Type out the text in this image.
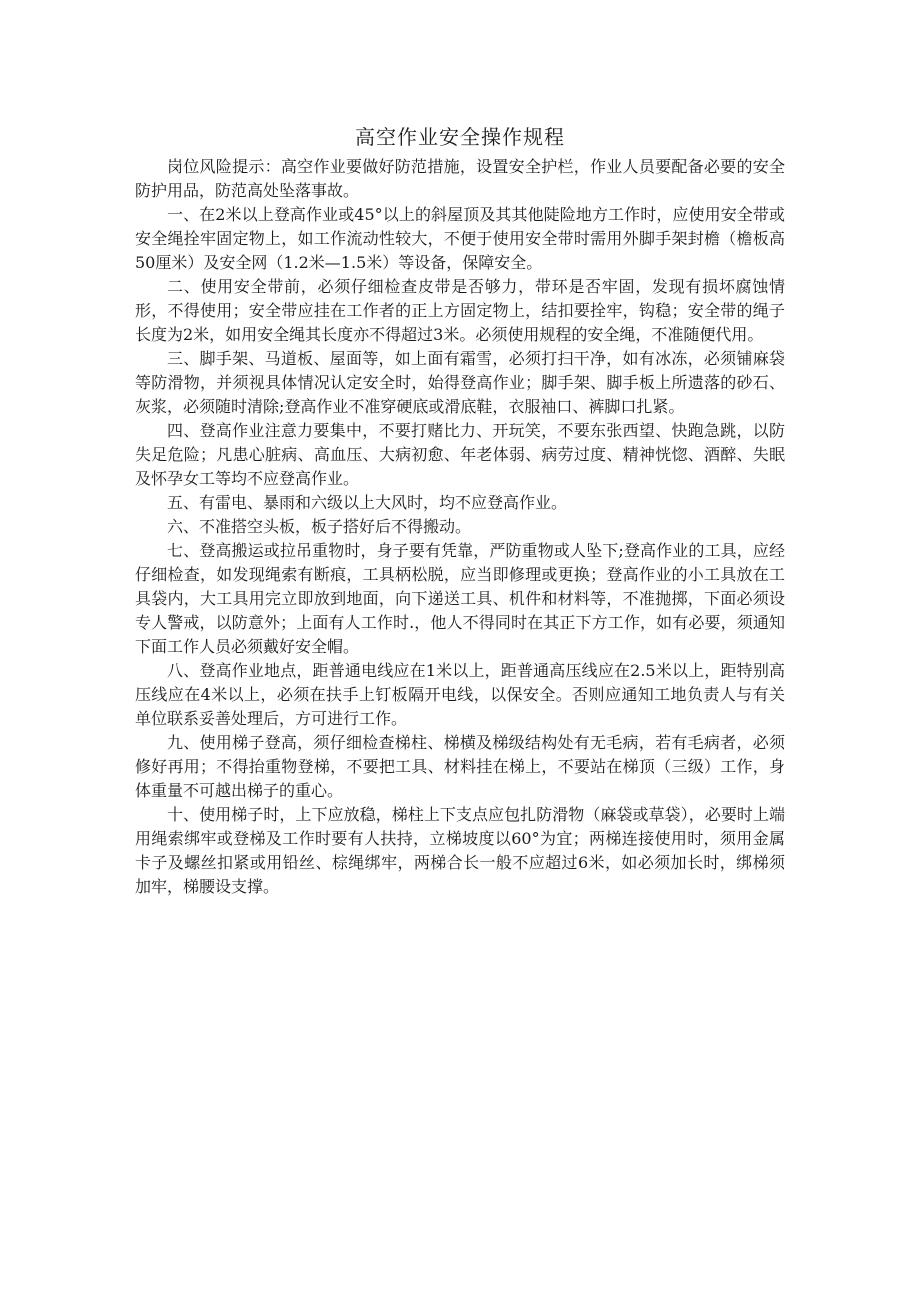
高空作业安全操作规程

岗位风险提示：高空作业要做好防范措施，设置安全护栏，作业人员要配备必要的安全防护用品，防范高处坠落事故。

一、在2米以上登高作业或45°以上的斜屋顶及其其他陡险地方工作时，应使用安全带或安全绳拴牢固定物上，如工作流动性较大，不便于使用安全带时需用外脚手架封檐（檐板高50厘米）及安全网（1.2米—1.5米）等设备，保障安全。

二、使用安全带前，必须仔细检查皮带是否够力，带环是否牢固，发现有损坏腐蚀情形，不得使用；安全带应挂在工作者的正上方固定物上，结扣要拴牢，钩稳；安全带的绳子长度为2米，如用安全绳其长度亦不得超过3米。必须使用规程的安全绳，不准随便代用。

三、脚手架、马道板、屋面等，如上面有霜雪，必须打扫干净，如有冰冻，必须铺麻袋等防滑物，并须视具体情况认定安全时，始得登高作业；脚手架、脚手板上所遗落的砂石、灰浆，必须随时清除;登高作业不准穿硬底或滑底鞋，衣服袖口、裤脚口扎紧。

四、登高作业注意力要集中，不要打赌比力、开玩笑，不要东张西望、快跑急跳，以防失足危险；凡患心脏病、高血压、大病初愈、年老体弱、病劳过度、精神恍惚、酒醉、失眠及怀孕女工等均不应登高作业。

五、有雷电、暴雨和六级以上大风时，均不应登高作业。

六、不准搭空头板，板子搭好后不得搬动。

七、登高搬运或拉吊重物时，身子要有凭靠，严防重物或人坠下;登高作业的工具，应经仔细检查，如发现绳索有断痕，工具柄松脱，应当即修理或更换；登高作业的小工具放在工具袋内，大工具用完立即放到地面，向下递送工具、机件和材料等，不准抛掷，下面必须设专人警戒，以防意外；上面有人工作时.，他人不得同时在其正下方工作，如有必要，须通知下面工作人员必须戴好安全帽。

八、登高作业地点，距普通电线应在1米以上，距普通高压线应在2.5米以上，距特别高压线应在4米以上，必须在扶手上钉板隔开电线，以保安全。否则应通知工地负责人与有关单位联系妥善处理后，方可进行工作。

九、使用梯子登高，须仔细检查梯柱、梯横及梯级结构处有无毛病，若有毛病者，必须修好再用；不得抬重物登梯，不要把工具、材料挂在梯上，不要站在梯顶（三级）工作，身体重量不可越出梯子的重心。

十、使用梯子时，上下应放稳，梯柱上下支点应包扎防滑物（麻袋或草袋），必要时上端用绳索绑牢或登梯及工作时要有人扶持，立梯坡度以60°为宜；两梯连接使用时，须用金属卡子及螺丝扣紧或用铅丝、棕绳绑牢，两梯合长一般不应超过6米，如必须加长时，绑梯须加牢，梯腰设支撑。
